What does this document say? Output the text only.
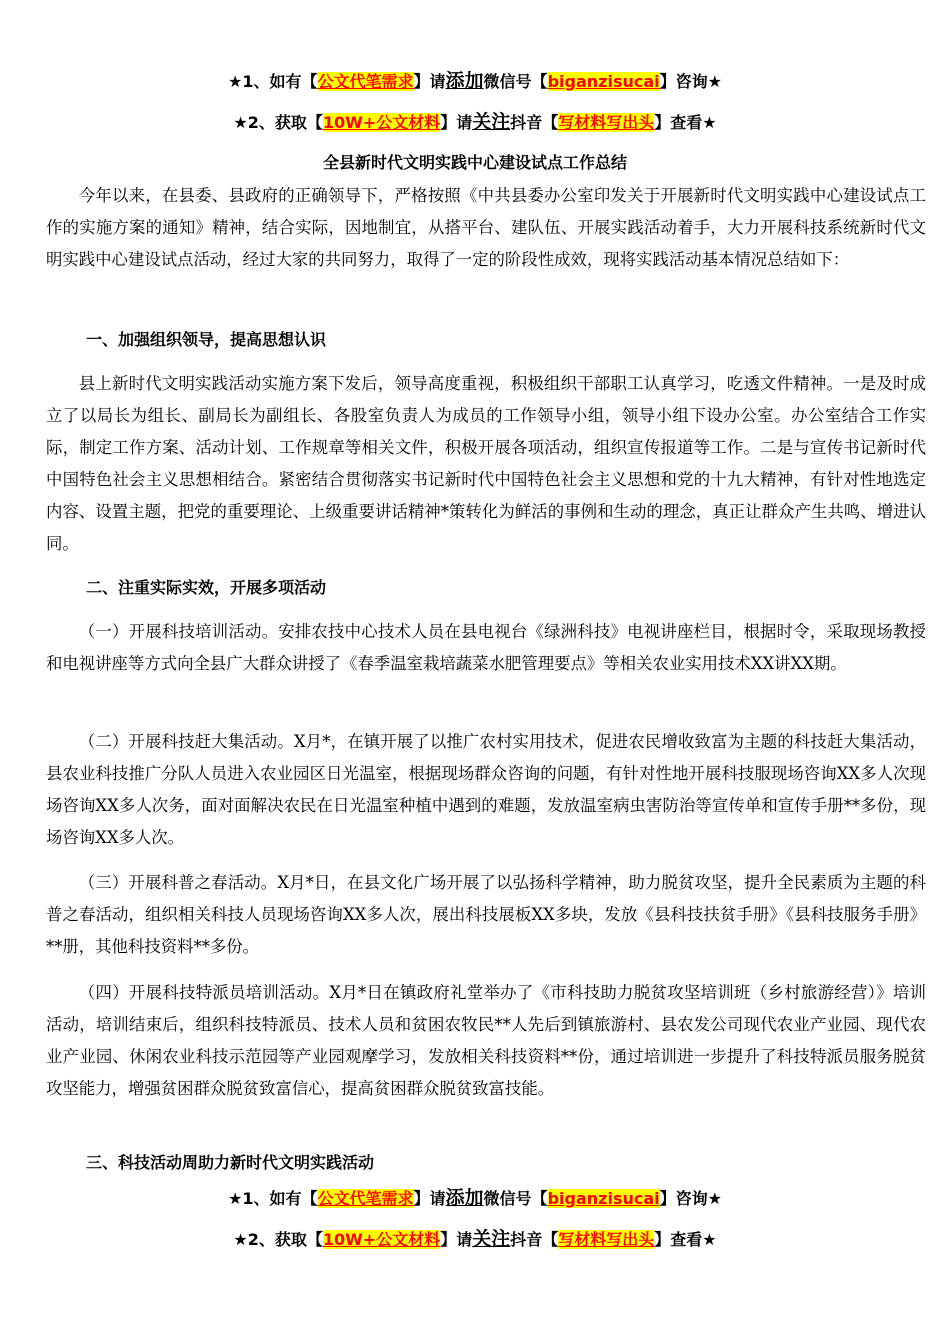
★1、如有【公文代笔需求】请添加微信号【biganzisucai】咨询★
★2、获取【10W+公文材料】请关注抖音【写材料写出头】查看★
全县新时代文明实践中心建设试点工作总结

今年以来，在县委、县政府的正确领导下，严格按照《中共县委办公室印发关于开展新时代文明实践中心建设试点工作的实施方案的通知》精神，结合实际，因地制宜，从搭平台、建队伍、开展实践活动着手，大力开展科技系统新时代文明实践中心建设试点活动，经过大家的共同努力，取得了一定的阶段性成效，现将实践活动基本情况总结如下：

一、加强组织领导，提高思想认识

县上新时代文明实践活动实施方案下发后，领导高度重视，积极组织干部职工认真学习，吃透文件精神。一是及时成立了以局长为组长、副局长为副组长、各股室负责人为成员的工作领导小组，领导小组下设办公室。办公室结合工作实际，制定工作方案、活动计划、工作规章等相关文件，积极开展各项活动，组织宣传报道等工作。二是与宣传书记新时代中国特色社会主义思想相结合。紧密结合贯彻落实书记新时代中国特色社会主义思想和党的十九大精神，有针对性地选定内容、设置主题，把党的重要理论、上级重要讲话精神*策转化为鲜活的事例和生动的理念，真正让群众产生共鸣、增进认同。

二、注重实际实效，开展多项活动

（一）开展科技培训活动。安排农技中心技术人员在县电视台《绿洲科技》电视讲座栏目，根据时令，采取现场教授和电视讲座等方式向全县广大群众讲授了《春季温室栽培蔬菜水肥管理要点》等相关农业实用技术XX讲XX期。

（二）开展科技赶大集活动。X月*，在镇开展了以推广农村实用技术，促进农民增收致富为主题的科技赶大集活动，县农业科技推广分队人员进入农业园区日光温室，根据现场群众咨询的问题，有针对性地开展科技服现场咨询XX多人次现场咨询XX多人次务，面对面解决农民在日光温室种植中遇到的难题，发放温室病虫害防治等宣传单和宣传手册**多份，现场咨询XX多人次。

（三）开展科普之春活动。X月*日，在县文化广场开展了以弘扬科学精神，助力脱贫攻坚，提升全民素质为主题的科普之春活动，组织相关科技人员现场咨询XX多人次，展出科技展板XX多块，发放《县科技扶贫手册》《县科技服务手册》**册，其他科技资料**多份。

（四）开展科技特派员培训活动。X月*日在镇政府礼堂举办了《市科技助力脱贫攻坚培训班（乡村旅游经营）》培训活动，培训结束后，组织科技特派员、技术人员和贫困农牧民**人先后到镇旅游村、县农发公司现代农业产业园、现代农业产业园、休闲农业科技示范园等产业园观摩学习，发放相关科技资料**份，通过培训进一步提升了科技特派员服务脱贫攻坚能力，增强贫困群众脱贫致富信心，提高贫困群众脱贫致富技能。

三、科技活动周助力新时代文明实践活动
★1、如有【公文代笔需求】请添加微信号【biganzisucai】咨询★
★2、获取【10W+公文材料】请关注抖音【写材料写出头】查看★
